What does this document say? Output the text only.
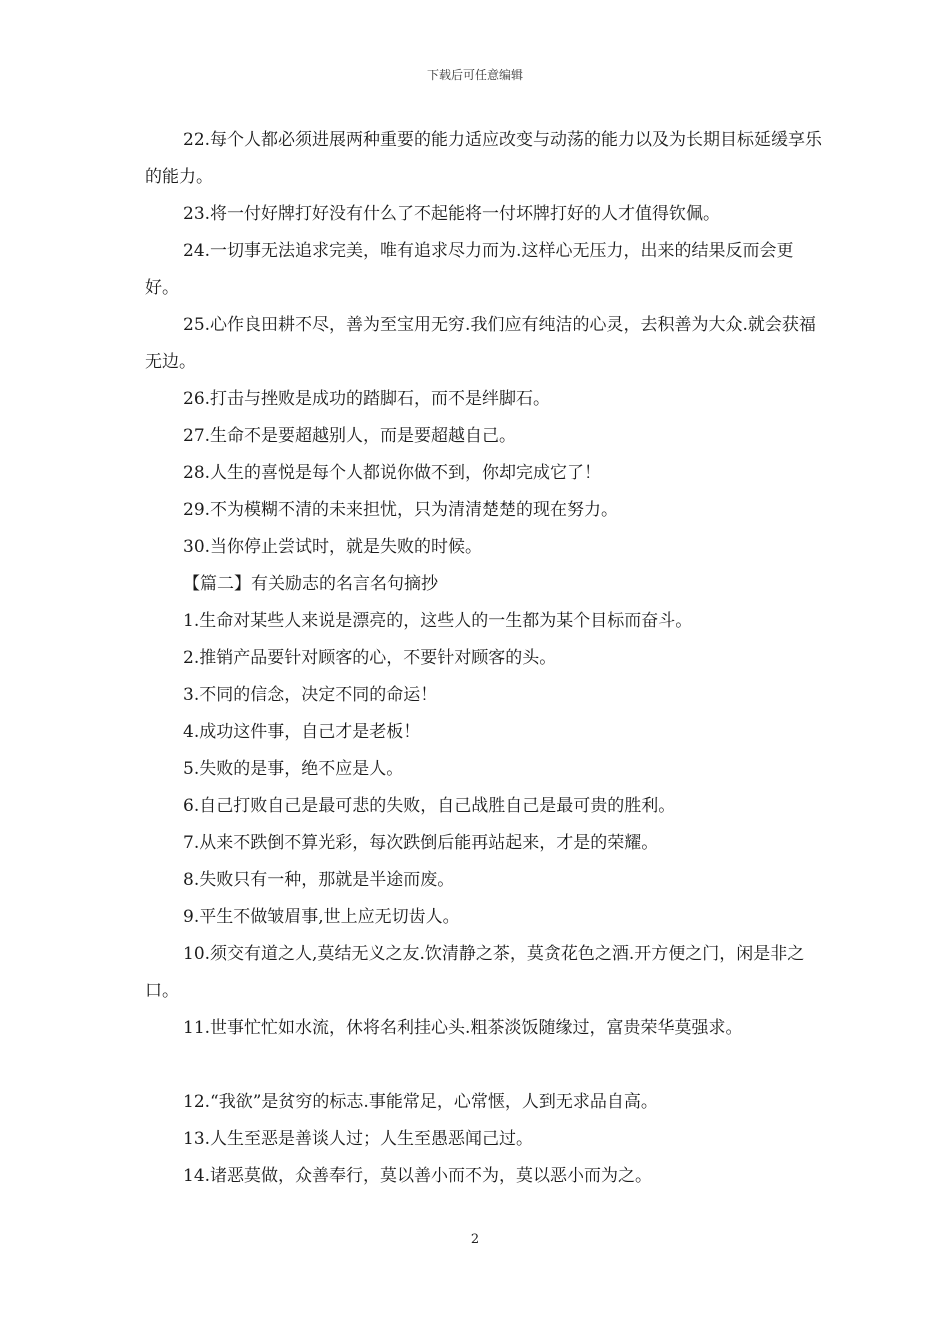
下载后可任意编辑

22.每个人都必须进展两种重要的能力适应改变与动荡的能力以及为长期目标延缓享乐的能力。

23.将一付好牌打好没有什么了不起能将一付坏牌打好的人才值得钦佩。

24.一切事无法追求完美，唯有追求尽力而为.这样心无压力，出来的结果反而会更好。

25.心作良田耕不尽，善为至宝用无穷.我们应有纯洁的心灵，去积善为大众.就会获福无边。

26.打击与挫败是成功的踏脚石，而不是绊脚石。

27.生命不是要超越别人，而是要超越自己。

28.人生的喜悦是每个人都说你做不到，你却完成它了！

29.不为模糊不清的未来担忧，只为清清楚楚的现在努力。

30.当你停止尝试时，就是失败的时候。

【篇二】有关励志的名言名句摘抄

1.生命对某些人来说是漂亮的，这些人的一生都为某个目标而奋斗。

2.推销产品要针对顾客的心，不要针对顾客的头。

3.不同的信念，决定不同的命运！

4.成功这件事，自己才是老板！

5.失败的是事，绝不应是人。

6.自己打败自己是最可悲的失败，自己战胜自己是最可贵的胜利。

7.从来不跌倒不算光彩，每次跌倒后能再站起来，才是的荣耀。

8.失败只有一种，那就是半途而废。

9.平生不做皱眉事,世上应无切齿人。

10.须交有道之人,莫结无义之友.饮清静之茶，莫贪花色之酒.开方便之门，闲是非之口。

11.世事忙忙如水流，休将名利挂心头.粗茶淡饭随缘过，富贵荣华莫强求。

12.“我欲”是贫穷的标志.事能常足，心常惬，人到无求品自高。

13.人生至恶是善谈人过；人生至愚恶闻己过。

14.诸恶莫做，众善奉行，莫以善小而不为，莫以恶小而为之。

2
